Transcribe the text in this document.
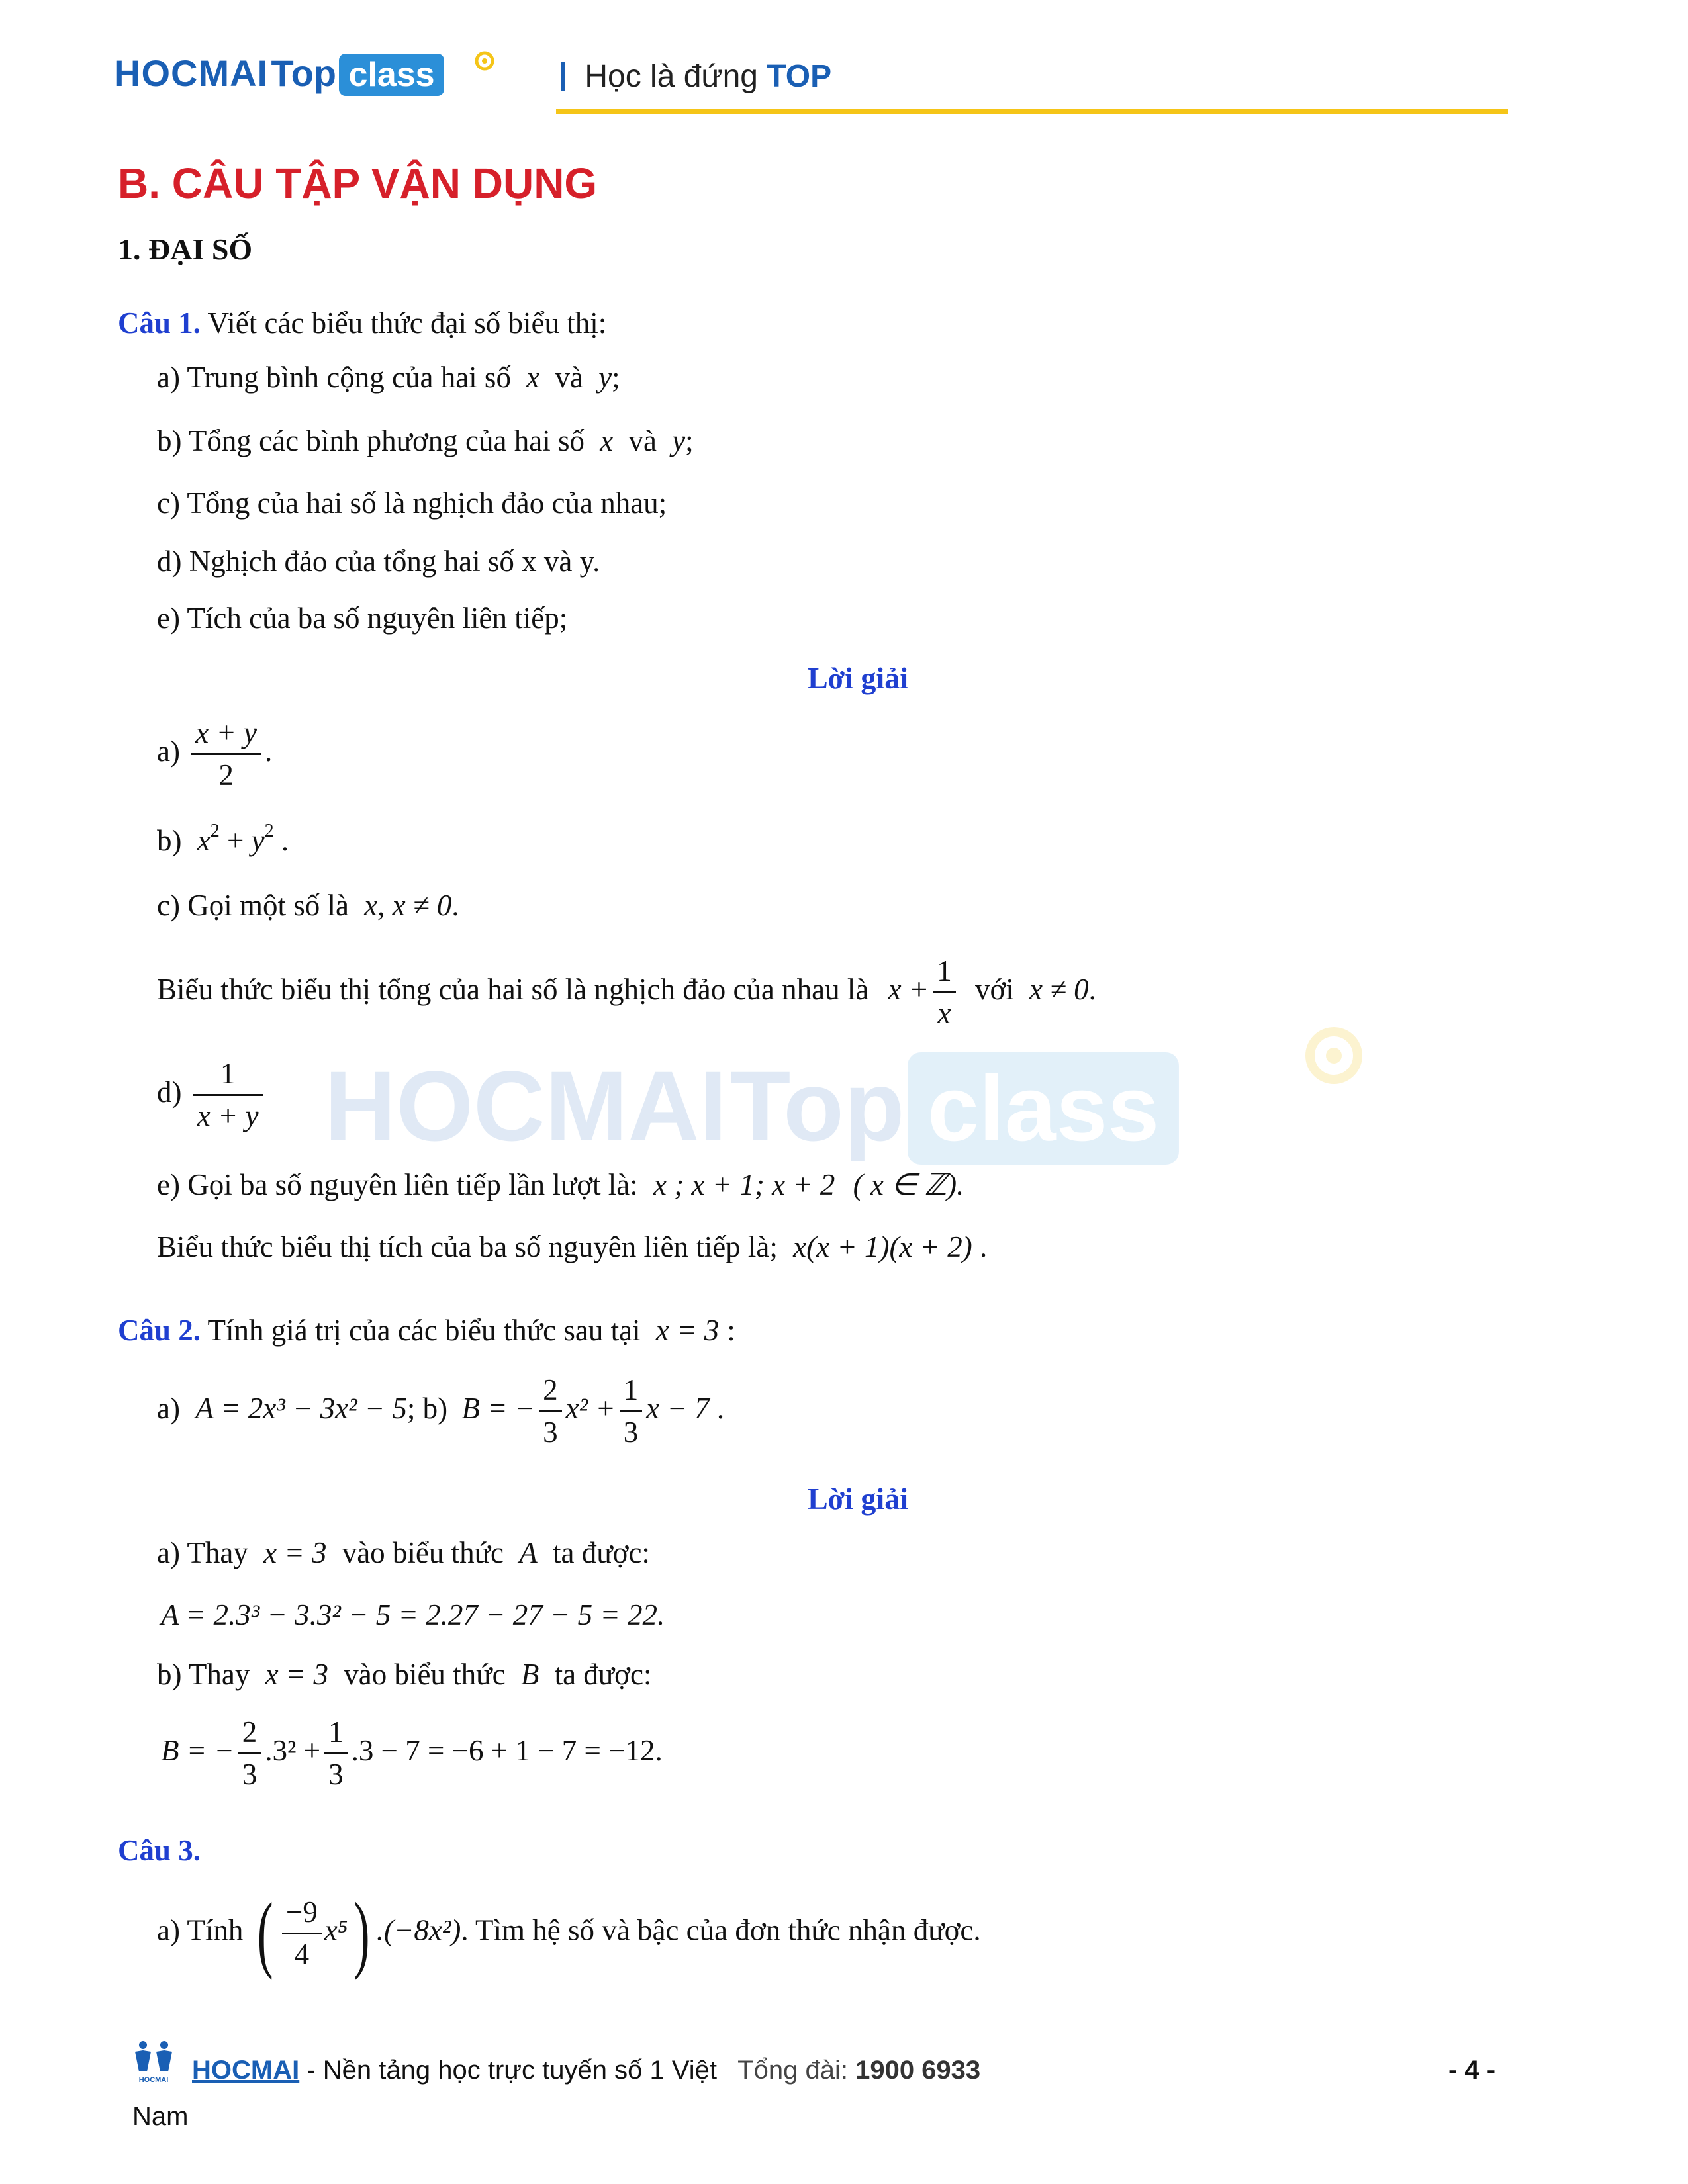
HOCMAI Top class	Học là đứng TOP
B. CÂU TẬP VẬN DỤNG
1. ĐẠI SỐ
Câu 1. Viết các biểu thức đại số biểu thị:
a) Trung bình cộng của hai số x và y;
b) Tổng các bình phương của hai số x và y;
c) Tổng của hai số là nghịch đảo của nhau;
d) Nghịch đảo của tổng hai số x và y.
e) Tích của ba số nguyên liên tiếp;
Lời giải
$a) \frac{x + y}{2}$ .
b) $x^2 + y^2$ .
c) Gọi một số là x, x ≠ 0.
Biểu thức biểu thị tổng của hai số là nghịch đảo của nhau là $x + \frac{1}{x}$ với x ≠ 0.
$d) \frac{1}{x + y}$
e) Gọi ba số nguyên liên tiếp lần lượt là: x ; x + 1; x + 2 ( x ∈ ℤ).
Biểu thức biểu thị tích của ba số nguyên liên tiếp là; x(x + 1)(x + 2) .
HOCMAI Top class
Câu 2. Tính giá trị của các biểu thức sau tại x = 3 :
a) A = 2x³ − 3x² − 5; b) B = − $\frac{2}{3} x^2 + \frac{1}{3}$ x − 7 .
Lời giải
a) Thay x = 3 vào biểu thức A ta được:
A = 2.3³ − 3.3² − 5 = 2.27 − 27 − 5 = 22.
b) Thay x = 3 vào biểu thức B ta được:
B = − $\frac{2}{3} .3^2 + \frac{1}{3} .3 - 7 = -6 + 1 - 7 = -12$.
Câu 3.
a) Tính ( $\frac{-9}{4} x^5$) .(−8x²). Tìm hệ số và bậc của đơn thức nhận được.
HOCMAI HOCMAI - Nền tảng học trực tuyến số 1 Việt Tổng đài: 1900 6933	- 4 -
Nam
